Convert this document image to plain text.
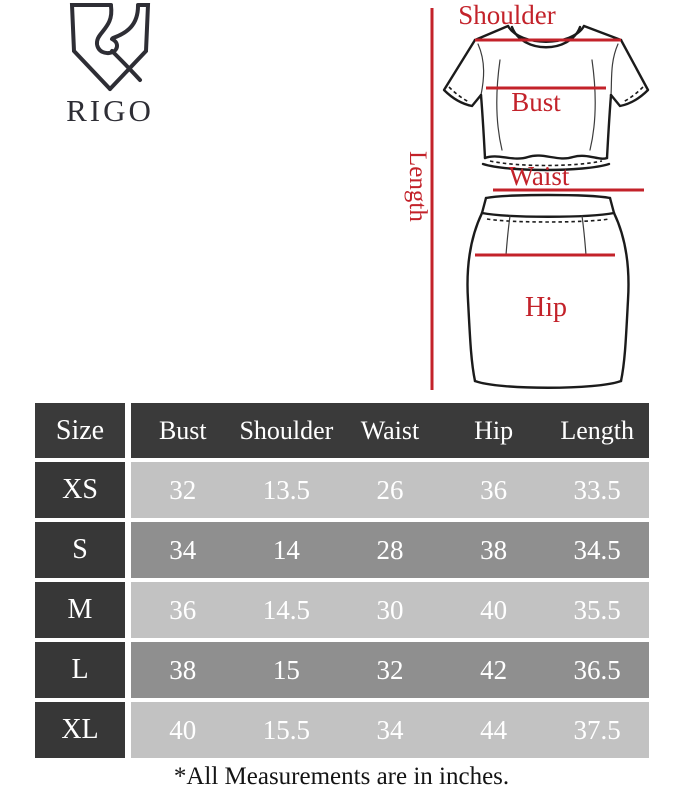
RIGO
Shoulder
Bust
Waist
Hip
Length
Size	Bust	Shoulder	Waist	Hip	Length
XS	32	13.5	26	36	33.5
S	34	14	28	38	34.5
M	36	14.5	30	40	35.5
L	38	15	32	42	36.5
XL	40	15.5	34	44	37.5
*All Measurements are in inches.
